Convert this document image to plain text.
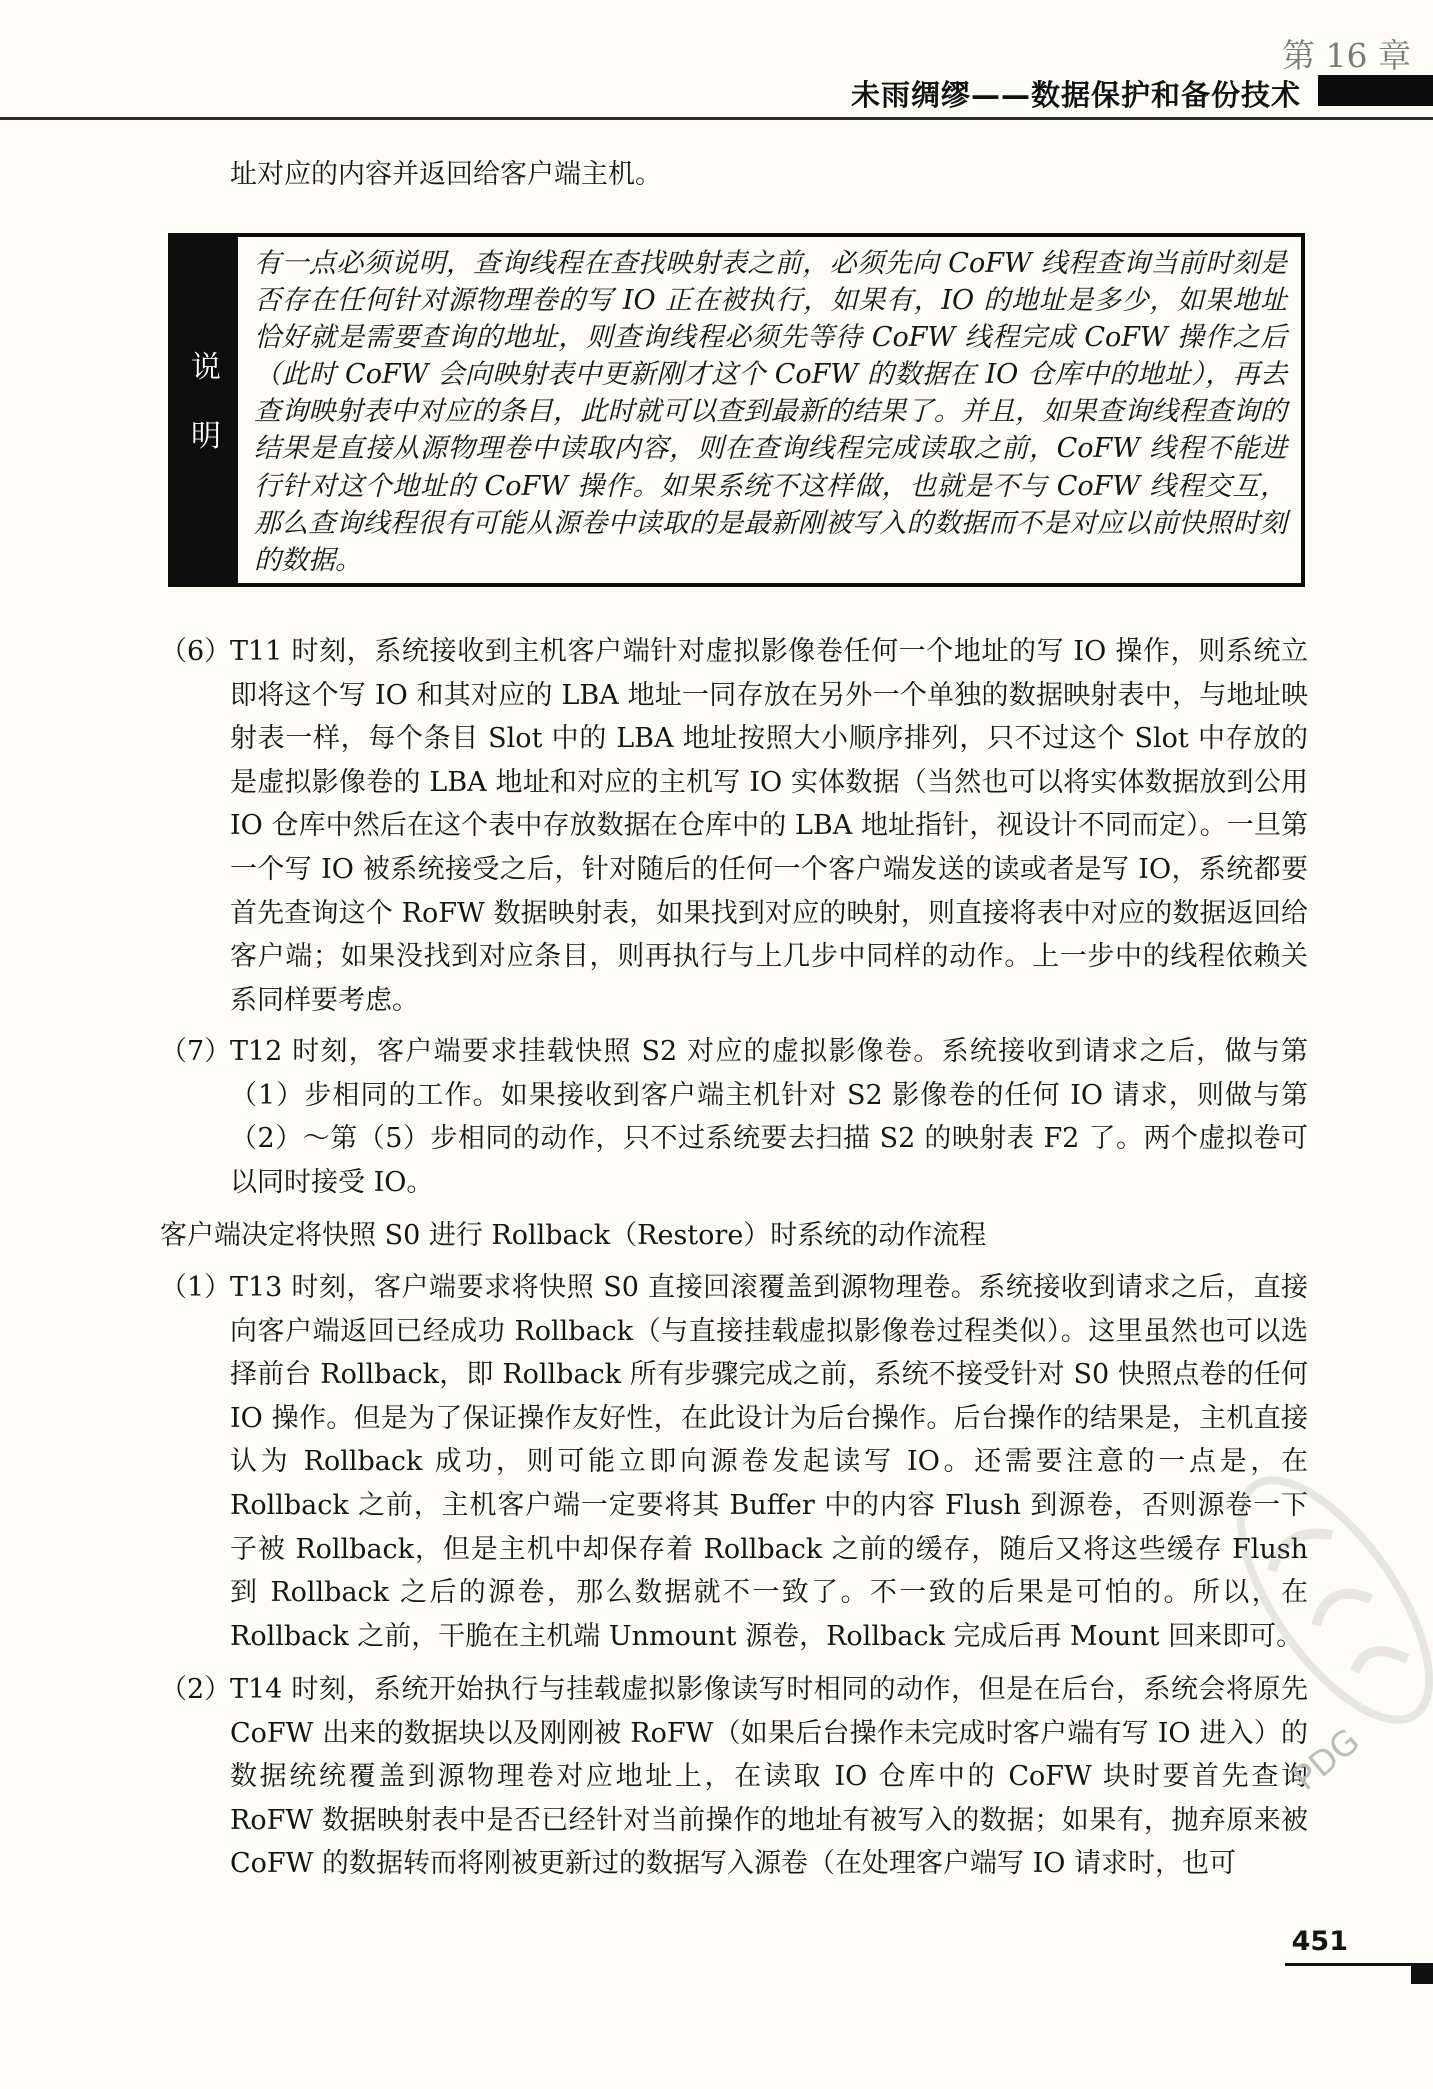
第 16 章
未雨绸缪——数据保护和备份技术
址对应的内容并返回给客户端主机。
说
明
有一点必须说明，查询线程在查找映射表之前，必须先向 CoFW 线程查询当前时刻是否存在任何针对源物理卷的写 IO 正在被执行，如果有，IO 的地址是多少，如果地址恰好就是需要查询的地址，则查询线程必须先等待 CoFW 线程完成 CoFW 操作之后（此时 CoFW 会向映射表中更新刚才这个 CoFW 的数据在 IO 仓库中的地址），再去查询映射表中对应的条目，此时就可以查到最新的结果了。并且，如果查询线程查询的结果是直接从源物理卷中读取内容，则在查询线程完成读取之前，CoFW 线程不能进行针对这个地址的 CoFW 操作。如果系统不这样做，也就是不与 CoFW 线程交互，那么查询线程很有可能从源卷中读取的是最新刚被写入的数据而不是对应以前快照时刻的数据。
（6）
T11 时刻，系统接收到主机客户端针对虚拟影像卷任何一个地址的写 IO 操作，则系统立即将这个写 IO 和其对应的 LBA 地址一同存放在另外一个单独的数据映射表中，与地址映射表一样，每个条目 Slot 中的 LBA 地址按照大小顺序排列，只不过这个 Slot 中存放的是虚拟影像卷的 LBA 地址和对应的主机写 IO 实体数据（当然也可以将实体数据放到公用 IO 仓库中然后在这个表中存放数据在仓库中的 LBA 地址指针，视设计不同而定）。一旦第一个写 IO 被系统接受之后，针对随后的任何一个客户端发送的读或者是写 IO，系统都要首先查询这个 RoFW 数据映射表，如果找到对应的映射，则直接将表中对应的数据返回给客户端；如果没找到对应条目，则再执行与上几步中同样的动作。上一步中的线程依赖关系同样要考虑。
（7）
T12 时刻，客户端要求挂载快照 S2 对应的虚拟影像卷。系统接收到请求之后，做与第（1）步相同的工作。如果接收到客户端主机针对 S2 影像卷的任何 IO 请求，则做与第（2）～第（5）步相同的动作，只不过系统要去扫描 S2 的映射表 F2 了。两个虚拟卷可以同时接受 IO。
客户端决定将快照 S0 进行 Rollback（Restore）时系统的动作流程
（1）
T13 时刻，客户端要求将快照 S0 直接回滚覆盖到源物理卷。系统接收到请求之后，直接向客户端返回已经成功 Rollback（与直接挂载虚拟影像卷过程类似）。这里虽然也可以选择前台 Rollback，即 Rollback 所有步骤完成之前，系统不接受针对 S0 快照点卷的任何 IO 操作。但是为了保证操作友好性，在此设计为后台操作。后台操作的结果是，主机直接认为 Rollback 成功，则可能立即向源卷发起读写 IO。还需要注意的一点是，在 Rollback 之前，主机客户端一定要将其 Buffer 中的内容 Flush 到源卷，否则源卷一下子被 Rollback，但是主机中却保存着 Rollback 之前的缓存，随后又将这些缓存 Flush 到 Rollback 之后的源卷，那么数据就不一致了。不一致的后果是可怕的。所以，在 Rollback 之前，干脆在主机端 Unmount 源卷，Rollback 完成后再 Mount 回来即可。
（2）
T14 时刻，系统开始执行与挂载虚拟影像读写时相同的动作，但是在后台，系统会将原先 CoFW 出来的数据块以及刚刚被 RoFW（如果后台操作未完成时客户端有写 IO 进入）的数据统统覆盖到源物理卷对应地址上，在读取 IO 仓库中的 CoFW 块时要首先查询 RoFW 数据映射表中是否已经针对当前操作的地址有被写入的数据；如果有，抛弃原来被 CoFW 的数据转而将刚被更新过的数据写入源卷（在处理客户端写 IO 请求时，也可
PDG
451
